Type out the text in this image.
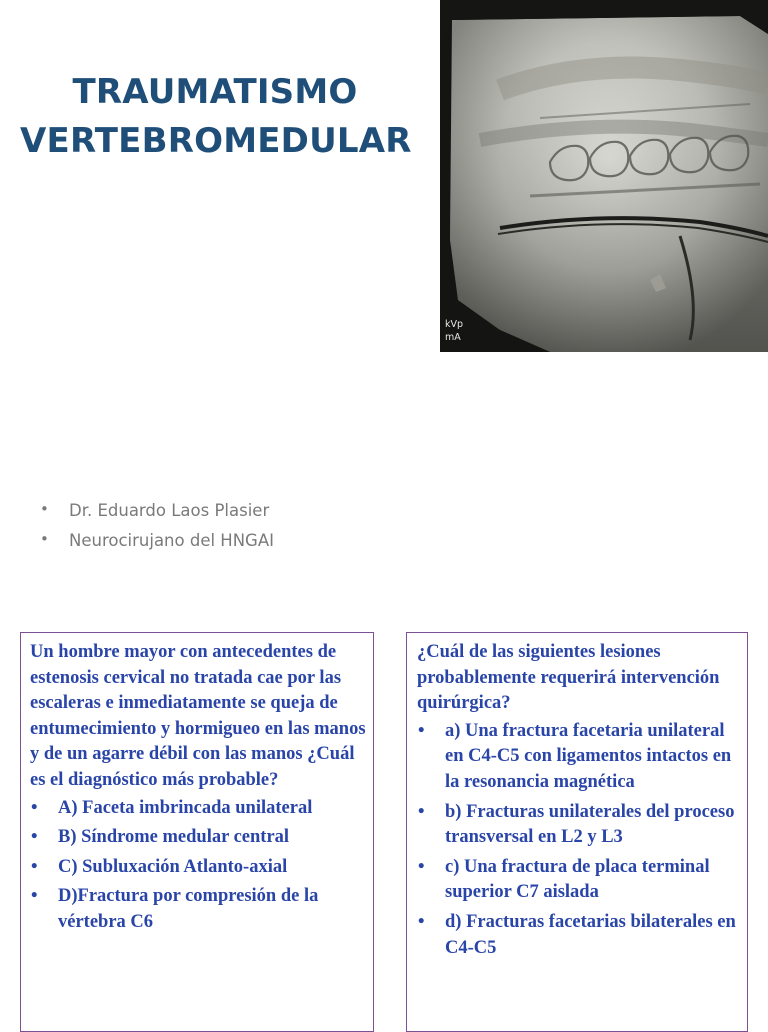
TRAUMATISMO
VERTEBROMEDULAR
kVp
mA
• Dr. Eduardo Laos Plasier
• Neurocirujano del HNGAI

Un hombre mayor con antecedentes de estenosis cervical no tratada cae por las escaleras e inmediatamente se queja de entumecimiento y hormigueo en las manos y de un agarre débil con las manos ¿Cuál es el diagnóstico más probable?

• A) Faceta imbrincada unilateral
• B) Síndrome medular central
• C) Subluxación Atlanto-axial
• D)Fractura por compresión de la vértebra C6

¿Cuál de las siguientes lesiones probablemente requerirá intervención quirúrgica?

• a) Una fractura facetaria unilateral en C4-C5 con ligamentos intactos en la resonancia magnética
• b) Fracturas unilaterales del proceso transversal en L2 y L3
• c) Una fractura de placa terminal superior C7 aislada
• d) Fracturas facetarias bilaterales en C4-C5
